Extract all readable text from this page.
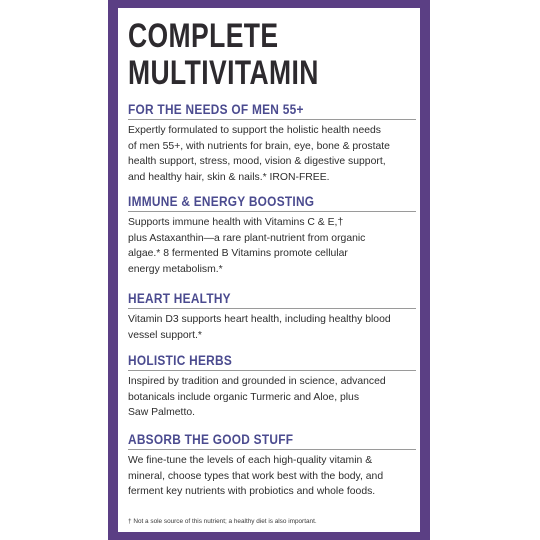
COMPLETE
MULTIVITAMIN
FOR THE NEEDS OF MEN 55+
Expertly formulated to support the holistic health needs
of men 55+, with nutrients for brain, eye, bone & prostate
health support, stress, mood, vision & digestive support,
and healthy hair, skin & nails.* IRON-FREE.
IMMUNE & ENERGY BOOSTING
Supports immune health with Vitamins C & E,†
plus Astaxanthin—a rare plant-nutrient from organic
algae.* 8 fermented B Vitamins promote cellular
energy metabolism.*
HEART HEALTHY
Vitamin D3 supports heart health, including healthy blood
vessel support.*
HOLISTIC HERBS
Inspired by tradition and grounded in science, advanced
botanicals include organic Turmeric and Aloe, plus
Saw Palmetto.
ABSORB THE GOOD STUFF
We fine-tune the levels of each high-quality vitamin &
mineral, choose types that work best with the body, and
ferment key nutrients with probiotics and whole foods.
† Not a sole source of this nutrient; a healthy diet is also important.
